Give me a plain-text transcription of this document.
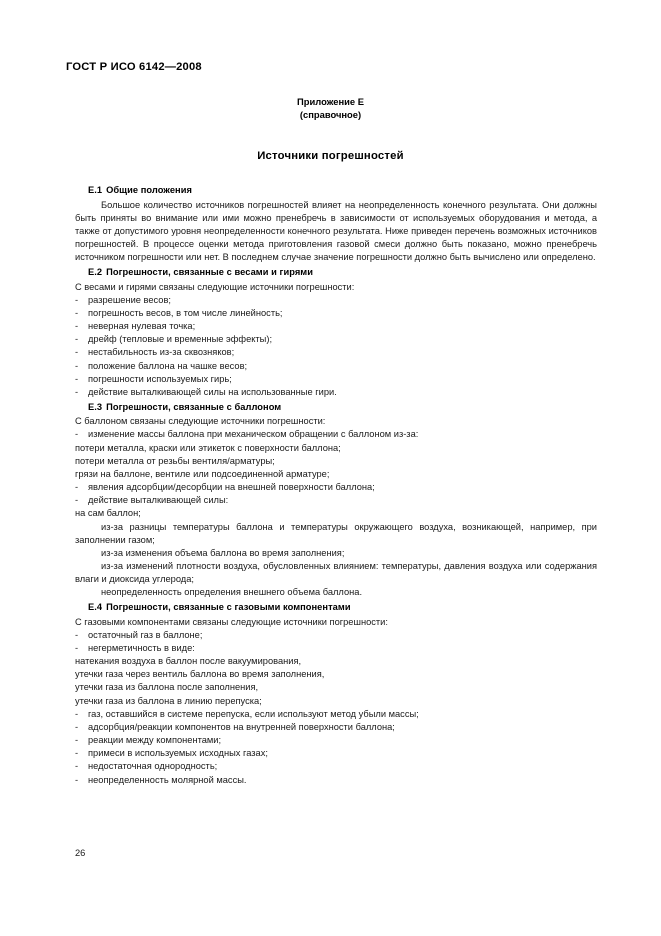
ГОСТ Р ИСО 6142—2008
Приложение Е
(справочное)
Источники погрешностей
E.1 Общие положения

Большое количество источников погрешностей влияет на неопределенность конечного результата. Они должны быть приняты во внимание или ими можно пренебречь в зависимости от используемых оборудования и метода, а также от допустимого уровня неопределенности конечного результата. Ниже приведен перечень возможных источников погрешностей. В процессе оценки метода приготовления газовой смеси должно быть показано, можно пренебречь источником погрешности или нет. В последнем случае значение погрешности должно быть вычислено или определено.

E.2 Погрешности, связанные с весами и гирями

С весами и гирями связаны следующие источники погрешности:

- разрешение весов;
- погрешность весов, в том числе линейность;
- неверная нулевая точка;
- дрейф (тепловые и временные эффекты);
- нестабильность из-за сквозняков;
- положение баллона на чашке весов;
- погрешности используемых гирь;
- действие выталкивающей силы на использованные гири.
E.3 Погрешности, связанные с баллоном

С баллоном связаны следующие источники погрешности:

- изменение массы баллона при механическом обращении с баллоном из-за:

потери металла, краски или этикеток с поверхности баллона;

потери металла от резьбы вентиля/арматуры;

грязи на баллоне, вентиле или подсоединенной арматуре;

- явления адсорбции/десорбции на внешней поверхности баллона;
- действие выталкивающей силы:

на сам баллон;

из-за разницы температуры баллона и температуры окружающего воздуха, возникающей, например, при заполнении газом;

из-за изменения объема баллона во время заполнения;

из-за изменений плотности воздуха, обусловленных влиянием: температуры, давления воздуха или содержания влаги и диоксида углерода;

неопределенность определения внешнего объема баллона.

E.4 Погрешности, связанные с газовыми компонентами

С газовыми компонентами связаны следующие источники погрешности:

- остаточный газ в баллоне;
- негерметичность в виде:

натекания воздуха в баллон после вакуумирования,

утечки газа через вентиль баллона во время заполнения,

утечки газа из баллона после заполнения,

утечки газа из баллона в линию перепуска;

- газ, оставшийся в системе перепуска, если используют метод убыли массы;
- адсорбция/реакции компонентов на внутренней поверхности баллона;
- реакции между компонентами;
- примеси в используемых исходных газах;
- недостаточная однородность;
- неопределенность молярной массы.
26
